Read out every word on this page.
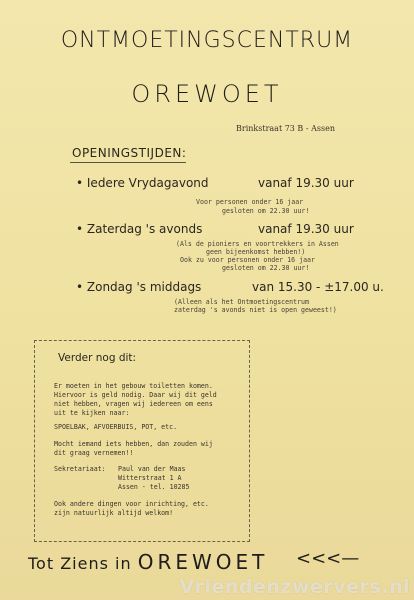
ONTMOETINGSCENTRUM
OREWOET
Brinkstraat 73 B - Assen
OPENINGSTIJDEN:
• Iedere Vrydagavond	vanaf 19.30 uur
Voor personen onder 16 jaar
gesloten om 22.30 uur!
• Zaterdag 's avonds	vanaf 19.30 uur
(Als de pioniers en voortrekkers in Assen
geen bijeenkomst hebben!)
Ook zu voor personen onder 16 jaar
gesloten om 22.30 uur!
• Zondag 's middags	van 15.30 - ±17.00 u.
(Alleen als het Ontmoetingscentrum
zaterdag 's avonds niet is open geweest!)
Verder nog dit:
Er moeten in het gebouw toiletten komen.
Hiervoor is geld nodig. Daar wij dit geld
niet hebben, vragen wij iedereen om eens
uit te kijken naar:
SPOELBAK, AFVOERBUIS, POT, etc.
Mocht iemand iets hebben, dan zouden wij
dit graag vernemen!!
Sekretariaat: Paul van der Maas
Witterstraat 1 A
Assen - tel. 10285
Ook andere dingen voor inrichting, etc.
zijn natuurlijk altijd welkom!
Tot Ziens in OREWOET <<<—
Vriendenzwervers.nl
